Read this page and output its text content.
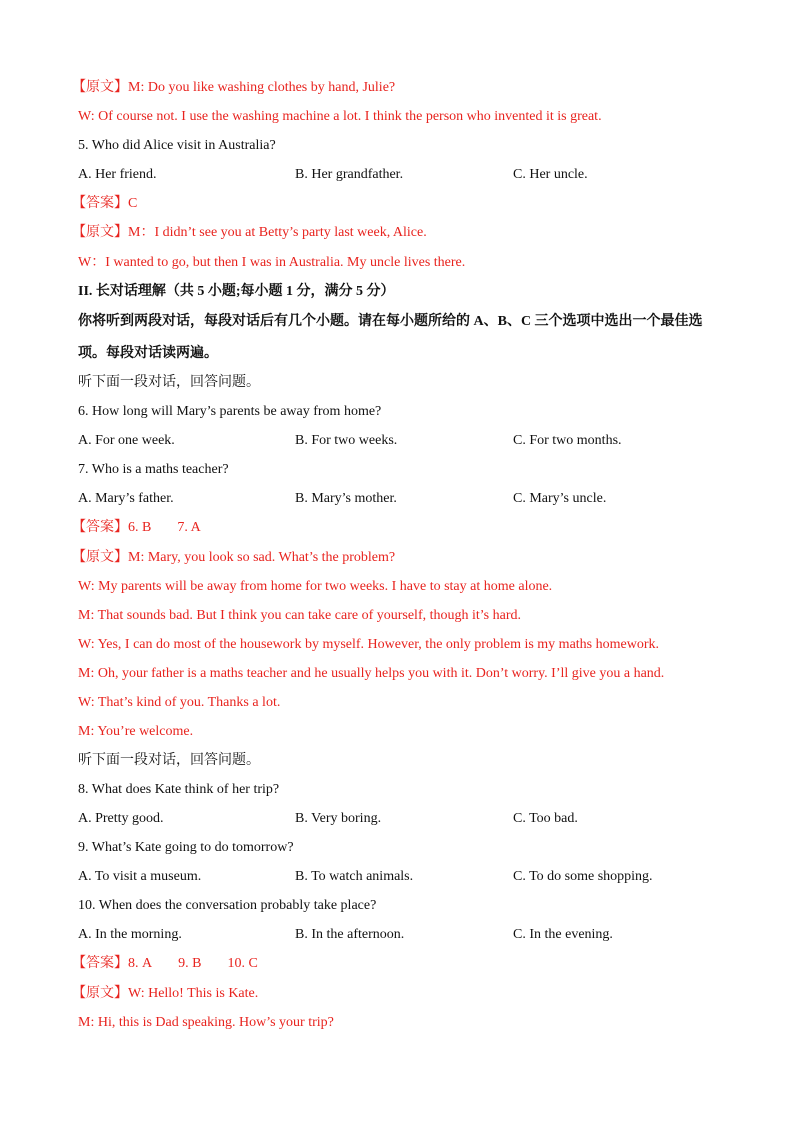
【原文】M: Do you like washing clothes by hand, Julie?
W: Of course not. I use the washing machine a lot. I think the person who invented it is great.
5. Who did Alice visit in Australia?
A. Her friend.	B. Her grandfather.	C. Her uncle.
【答案】C
【原文】M：I didn’t see you at Betty’s party last week, Alice.
W：I wanted to go, but then I was in Australia. My uncle lives there.
II. 长对话理解（共 5 小题;每小题 1 分，满分 5 分）
你将听到两段对话，每段对话后有几个小题。请在每小题所给的 A、B、C 三个选项中选出一个最佳选
项。每段对话读两遍。
听下面一段对话，回答问题。
6. How long will Mary’s parents be away from home?
A. For one week.	B. For two weeks.	C. For two months.
7. Who is a maths teacher?
A. Mary’s father.	B. Mary’s mother.	C. Mary’s uncle.
【答案】6. B 7. A
【原文】M: Mary, you look so sad. What’s the problem?
W: My parents will be away from home for two weeks. I have to stay at home alone.
M: That sounds bad. But I think you can take care of yourself, though it’s hard.
W: Yes, I can do most of the housework by myself. However, the only problem is my maths homework.
M: Oh, your father is a maths teacher and he usually helps you with it. Don’t worry. I’ll give you a hand.
W: That’s kind of you. Thanks a lot.
M: You’re welcome.
听下面一段对话，回答问题。
8. What does Kate think of her trip?
A. Pretty good.	B. Very boring.	C. Too bad.
9. What’s Kate going to do tomorrow?
A. To visit a museum.	B. To watch animals.	C. To do some shopping.
10. When does the conversation probably take place?
A. In the morning.	B. In the afternoon.	C. In the evening.
【答案】8. A 9. B 10. C
【原文】W: Hello! This is Kate.
M: Hi, this is Dad speaking. How’s your trip?
